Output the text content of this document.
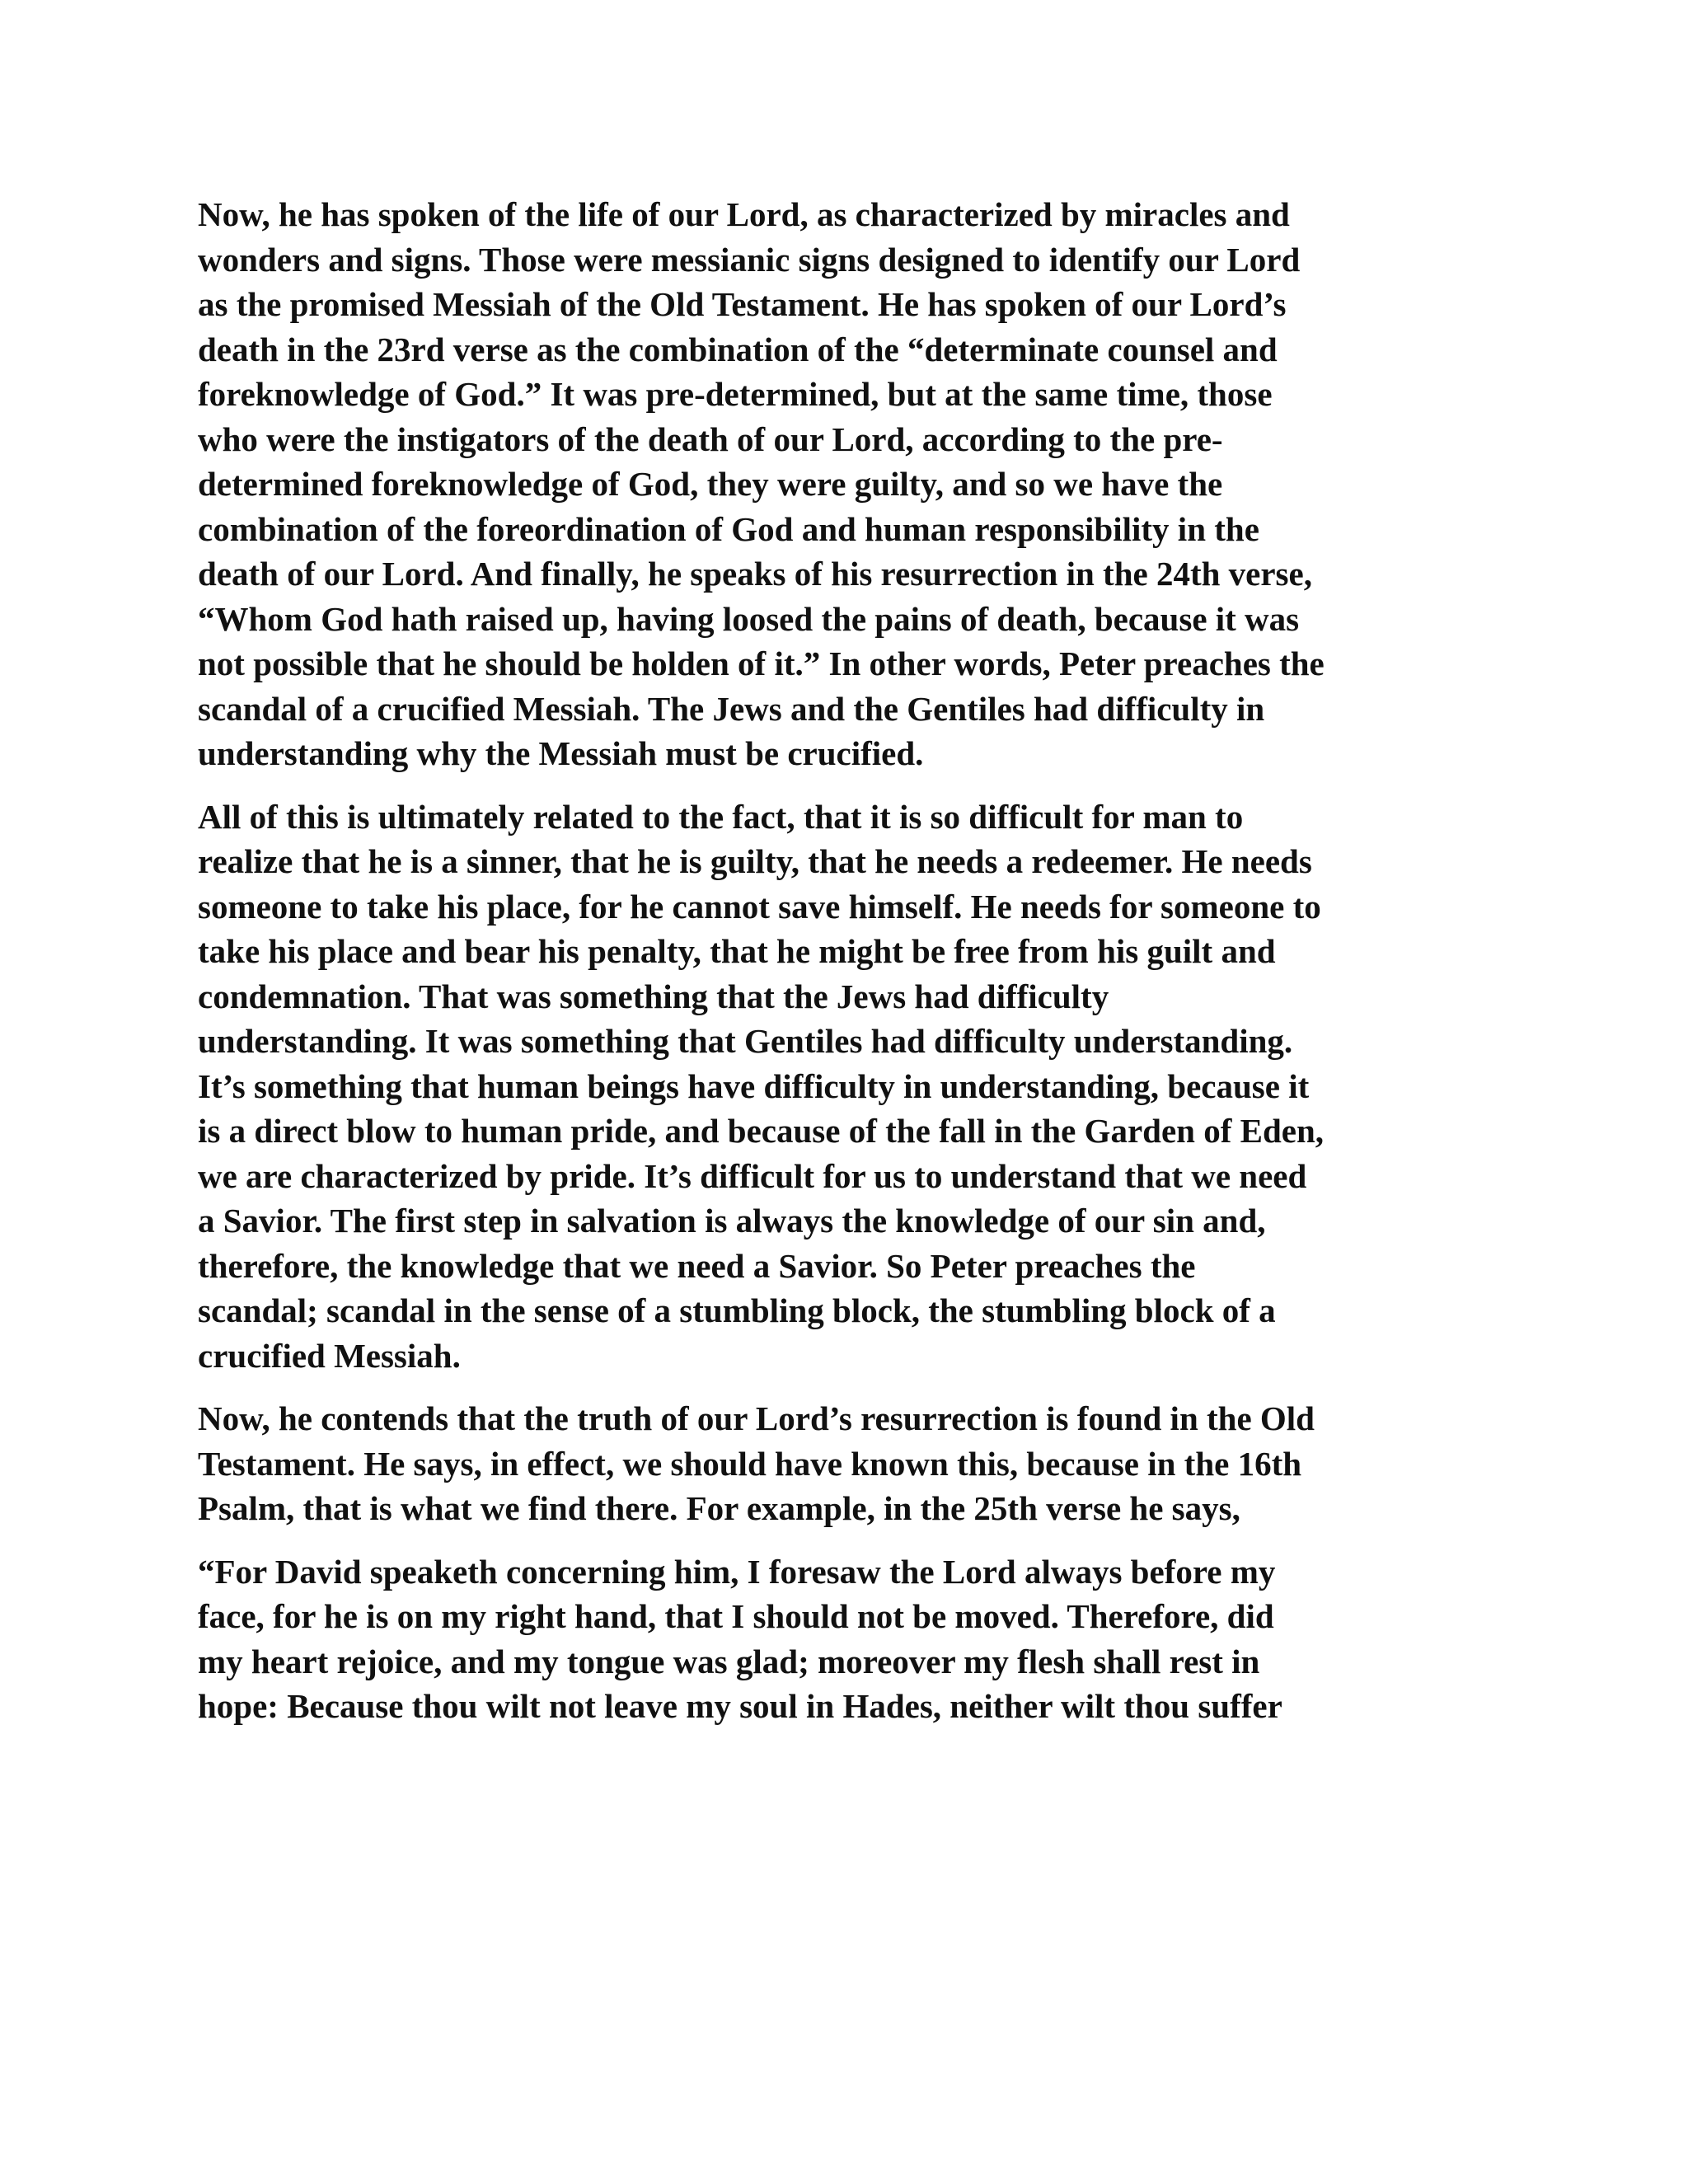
Now, he has spoken of the life of our Lord, as characterized by miracles and
wonders and signs. Those were messianic signs designed to identify our Lord
as the promised Messiah of the Old Testament. He has spoken of our Lord’s
death in the 23rd verse as the combination of the “determinate counsel and
foreknowledge of God.” It was pre-determined, but at the same time, those
who were the instigators of the death of our Lord, according to the pre-
determined foreknowledge of God, they were guilty, and so we have the
combination of the foreordination of God and human responsibility in the
death of our Lord. And finally, he speaks of his resurrection in the 24th verse,
“Whom God hath raised up, having loosed the pains of death, because it was
not possible that he should be holden of it.” In other words, Peter preaches the
scandal of a crucified Messiah. The Jews and the Gentiles had difficulty in
understanding why the Messiah must be crucified.

All of this is ultimately related to the fact, that it is so difficult for man to
realize that he is a sinner, that he is guilty, that he needs a redeemer. He needs
someone to take his place, for he cannot save himself. He needs for someone to
take his place and bear his penalty, that he might be free from his guilt and
condemnation. That was something that the Jews had difficulty
understanding. It was something that Gentiles had difficulty understanding.
It’s something that human beings have difficulty in understanding, because it
is a direct blow to human pride, and because of the fall in the Garden of Eden,
we are characterized by pride. It’s difficult for us to understand that we need
a Savior. The first step in salvation is always the knowledge of our sin and,
therefore, the knowledge that we need a Savior. So Peter preaches the
scandal; scandal in the sense of a stumbling block, the stumbling block of a
crucified Messiah.

Now, he contends that the truth of our Lord’s resurrection is found in the Old
Testament. He says, in effect, we should have known this, because in the 16th
Psalm, that is what we find there. For example, in the 25th verse he says,

“For David speaketh concerning him, I foresaw the Lord always before my
face, for he is on my right hand, that I should not be moved. Therefore, did
my heart rejoice, and my tongue was glad; moreover my flesh shall rest in
hope: Because thou wilt not leave my soul in Hades, neither wilt thou suffer
